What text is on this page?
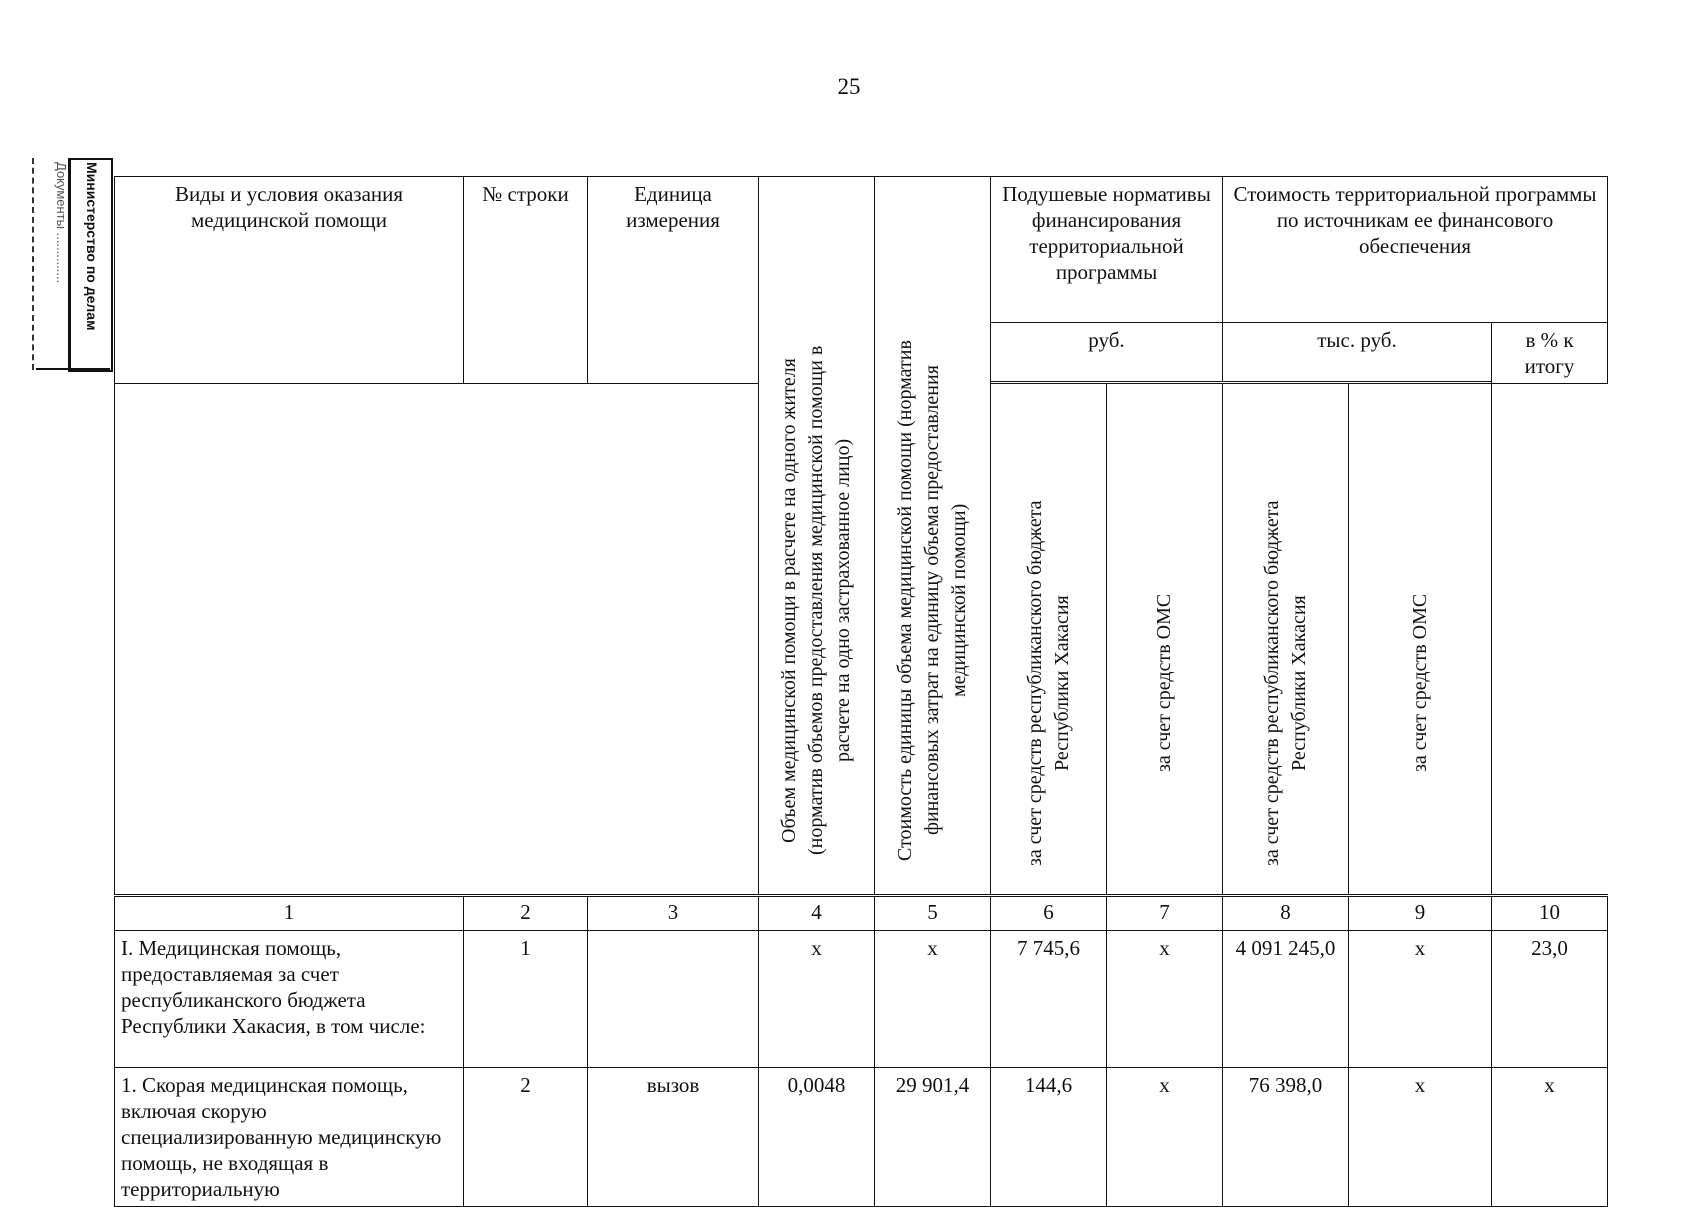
25
Документы ..............	Министерство по делам	Виды и условия оказания медицинской помощи	№ строки	Единица измерения	Объем медицинской помощи в расчете на одного жителя (норматив объемов предоставления медицинской помощи в расчете на одно застрахованное лицо)	Стоимость единицы объема медицинской помощи (норматив финансовых затрат на единицу объема предоставления медицинской помощи)	Подушевые нормативы финансирования территориальной программы		Стоимость территориальной программы по источникам ее финансового обеспечения		
					руб.		тыс. руб.		в % к итогу

					за счет средств республиканского бюджета Республики Хакасия	за счет средств ОМС	за счет средств республиканского бюджета Республики Хакасия	за счет средств ОМС	

1	2	3	4	5	6	7	8	9	10
I. Медицинская помощь, предоставляемая за счет республиканского бюджета Республики Хакасия, в том числе:	1		х	х	7 745,6	х	4 091 245,0	х	23,0
1. Скорая медицинская помощь, включая скорую специализированную медицинскую помощь, не входящая в территориальную	2	вызов	0,0048	29 901,4	144,6	х	76 398,0	х	х
